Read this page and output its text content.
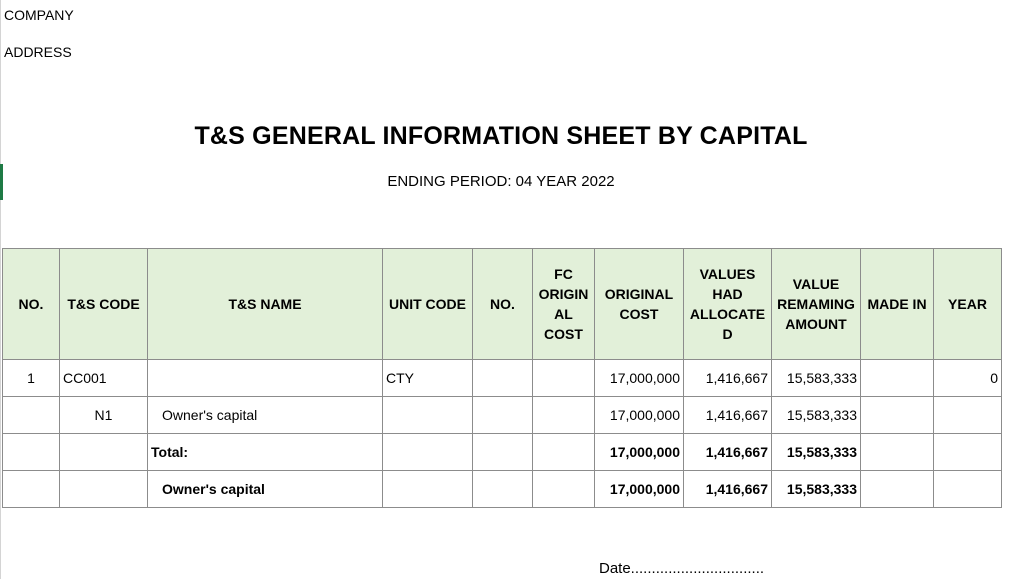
COMPANY
ADDRESS
T&S GENERAL INFORMATION SHEET BY CAPITAL
ENDING PERIOD: 04 YEAR 2022
NO.	T&S CODE	T&S NAME	UNIT CODE	NO.	FC ORIGIN AL COST	ORIGINAL COST	VALUES HAD ALLOCATE D	VALUE REMAMING AMOUNT	MADE IN	YEAR
1	CC001		CTY			17,000,000	1,416,667	15,583,333		0
	N1	Owner's capital				17,000,000	1,416,667	15,583,333		
		Total:				17,000,000	1,416,667	15,583,333		
		Owner's capital				17,000,000	1,416,667	15,583,333		
Date................................
